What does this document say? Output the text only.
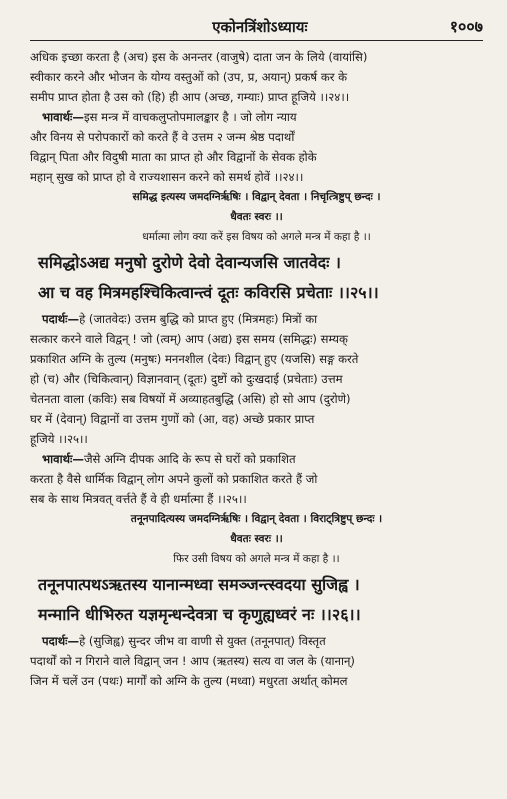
एकोनत्रिंशोऽध्यायः	१००७

अधिक इच्छा करता है (अच) इस के अनन्तर (वाजुषे) दाता जन के लिये (वायांसि)

स्वीकार करने और भोजन के योग्य वस्तुओं को (उप, प्र, अयान्) प्रकर्ष कर के

समीप प्राप्त होता है उस को (हि) ही आप (अच्छ, गम्याः) प्राप्त हूजिये ।।२४।।

भावार्थः—इस मन्त्र में वाचकलुप्तोपमालङ्कार है । जो लोग न्याय

और विनय से परोपकारों को करते हैं वे उत्तम २ जन्म श्रेष्ठ पदार्थों

विद्वान् पिता और विदुषी माता का प्राप्त हो और विद्वानों के सेवक होके

महान् सुख को प्राप्त हो वे राज्यशासन करने को समर्थ होवें ।।२४।।

समिद्ध इत्यस्य जमदग्निर्ऋषिः । विद्वान् देवता । निचृत्त्रिष्टुप् छन्दः ।

धैवतः स्वरः ।।

धर्मात्मा लोग क्या करें इस विषय को अगले मन्त्र में कहा है ।।

समिद्धोऽअद्य मनुषो दुरोणे देवो देवान्यजसि जातवेदः ।

आ च वह मित्रमहश्चिकित्वान्त्वं दूतः कविरसि प्रचेताः ।।२५।।

पदार्थः—हे (जातवेदः) उत्तम बुद्धि को प्राप्त हुए (मित्रमहः) मित्रों का

सत्कार करने वाले विद्वन् ! जो (त्वम्) आप (अद्य) इस समय (समिद्धः) सम्यक्

प्रकाशित अग्नि के तुल्य (मनुषः) मननशील (देवः) विद्वान् हुए (यजसि) सङ्ग करते

हो (च) और (चिकित्वान्) विज्ञानवान् (दूतः) दुष्टों को दुःखदाई (प्रचेताः) उत्तम

चेतनता वाला (कविः) सब विषयों में अव्याहतबुद्धि (असि) हो सो आप (दुरोणे)

घर में (देवान्) विद्वानों वा उत्तम गुणों को (आ, वह) अच्छे प्रकार प्राप्त

हूजिये ।।२५।।

भावार्थः—जैसे अग्नि दीपक आदि के रूप से घरों को प्रकाशित

करता है वैसे धार्मिक विद्वान् लोग अपने कुलों को प्रकाशित करते हैं जो

सब के साथ मित्रवत् वर्त्तते हैं वे ही धर्मात्मा हैं ।।२५।।

तनूनपादित्यस्य जमदग्निर्ऋषिः । विद्वान् देवता । विराट्त्रिष्टुप् छन्दः ।

धैवतः स्वरः ।।

फिर उसी विषय को अगले मन्त्र में कहा है ।।

तनूनपात्पथऽऋतस्य यानान्मध्वा समञ्जन्त्स्वदया सुजिह्व ।

मन्मानि धीभिरुत यज्ञमृन्धन्देवत्रा च कृणुह्यध्वरं नः ।।२६।।

पदार्थः—हे (सुजिह्व) सुन्दर जीभ वा वाणी से युक्त (तनूनपात्) विस्तृत

पदार्थों को न गिराने वाले विद्वान् जन ! आप (ऋतस्य) सत्य वा जल के (यानान्)

जिन में चलें उन (पथः) मार्गों को अग्नि के तुल्य (मध्वा) मधुरता अर्थात् कोमल
